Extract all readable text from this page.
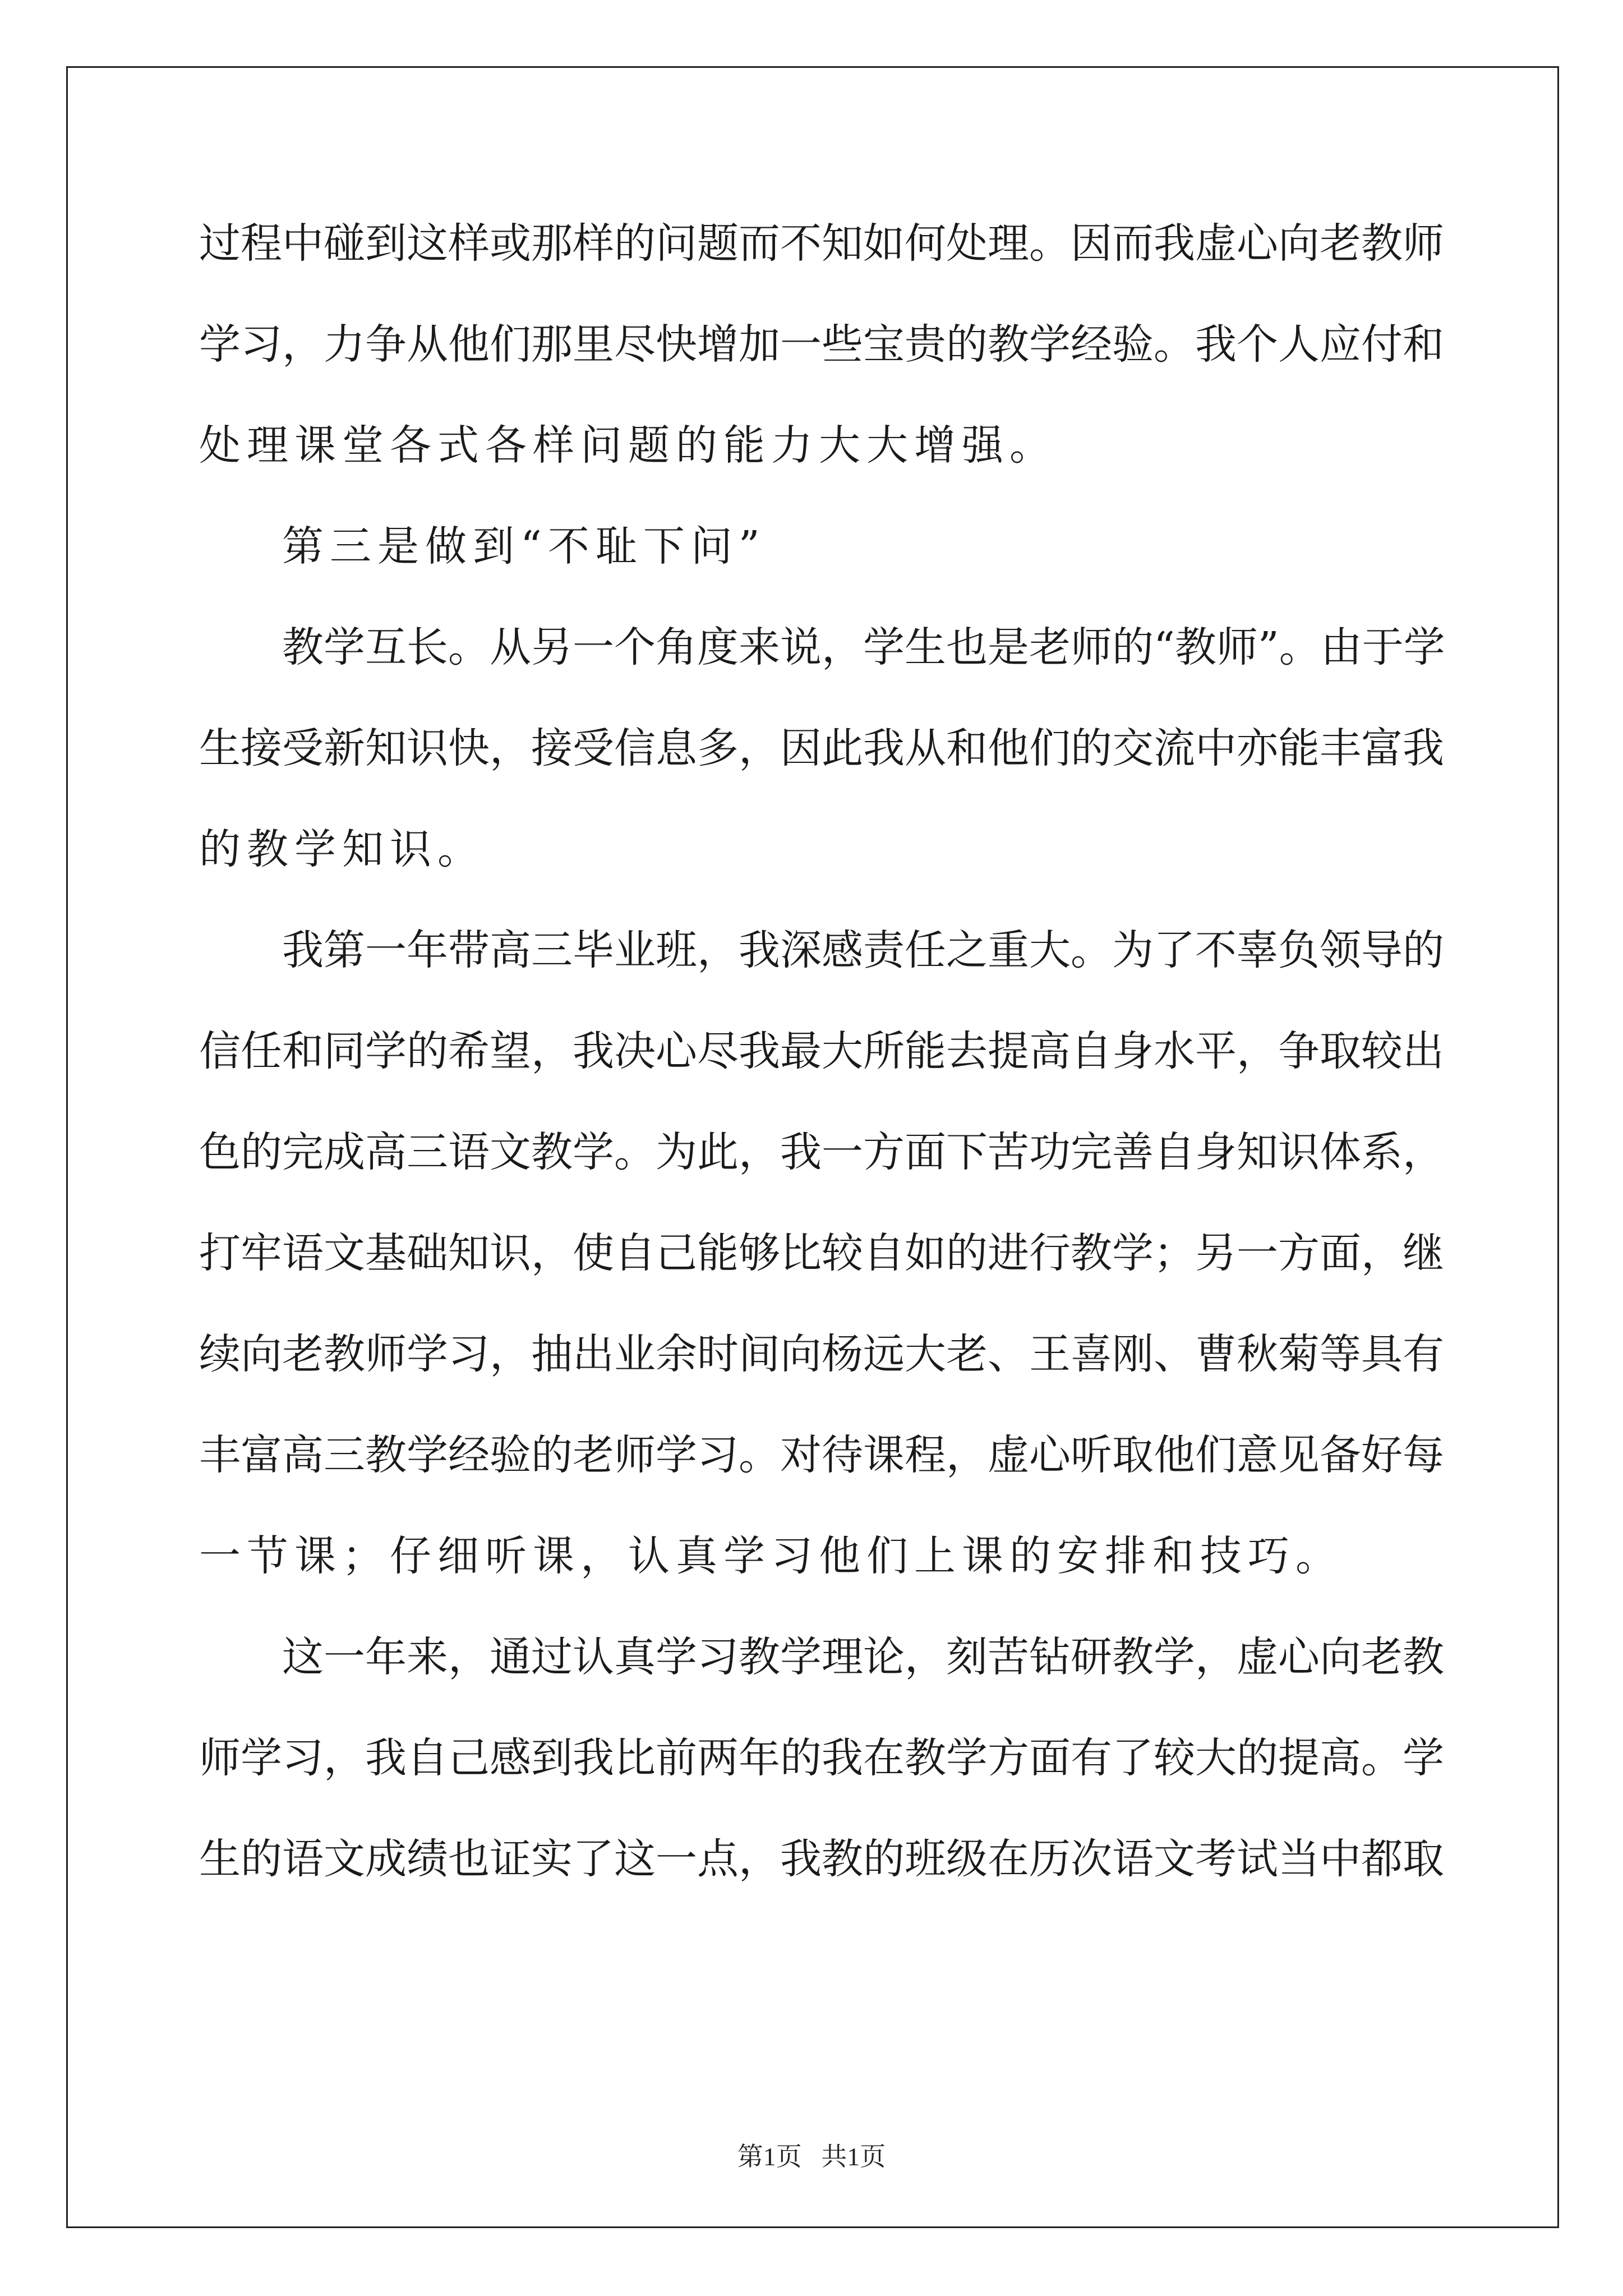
过 程 中 碰 到 这 样 或 那 样 的 问 题 而 不 知 如 何 处 理 。 因 而 我 虚 心 向 老 教 师
学 习 ， 力 争 从 他 们 那 里 尽 快 增 加 一 些 宝 贵 的 教 学 经 验 。 我 个 人 应 付 和
处 理 课 堂 各 式 各 样 问 题 的 能 力 大 大 增 强 。
第 三 是 做 到 “ 不 耻 下 问 ”
教 学 互 长 。 从 另 一 个 角 度 来 说 ， 学 生 也 是 老 师 的 “ 教 师 ” 。 由 于 学
生 接 受 新 知 识 快 ， 接 受 信 息 多 ， 因 此 我 从 和 他 们 的 交 流 中 亦 能 丰 富 我
的 教 学 知 识 。
我 第 一 年 带 高 三 毕 业 班 ， 我 深 感 责 任 之 重 大 。 为 了 不 辜 负 领 导 的
信 任 和 同 学 的 希 望 ， 我 决 心 尽 我 最 大 所 能 去 提 高 自 身 水 平 ， 争 取 较 出
色 的 完 成 高 三 语 文 教 学 。 为 此 ， 我 一 方 面 下 苦 功 完 善 自 身 知 识 体 系 ，
打 牢 语 文 基 础 知 识 ， 使 自 己 能 够 比 较 自 如 的 进 行 教 学 ； 另 一 方 面 ， 继
续 向 老 教 师 学 习 ， 抽 出 业 余 时 间 向 杨 远 大 老 、 王 喜 刚 、 曹 秋 菊 等 具 有
丰 富 高 三 教 学 经 验 的 老 师 学 习 。 对 待 课 程 ， 虚 心 听 取 他 们 意 见 备 好 每
一 节 课 ； 仔 细 听 课 ， 认 真 学 习 他 们 上 课 的 安 排 和 技 巧 。
这 一 年 来 ， 通 过 认 真 学 习 教 学 理 论 ， 刻 苦 钻 研 教 学 ， 虚 心 向 老 教
师 学 习 ， 我 自 己 感 到 我 比 前 两 年 的 我 在 教 学 方 面 有 了 较 大 的 提 高 。 学
生 的 语 文 成 绩 也 证 实 了 这 一 点 ， 我 教 的 班 级 在 历 次 语 文 考 试 当 中 都 取
第1页   共1页
